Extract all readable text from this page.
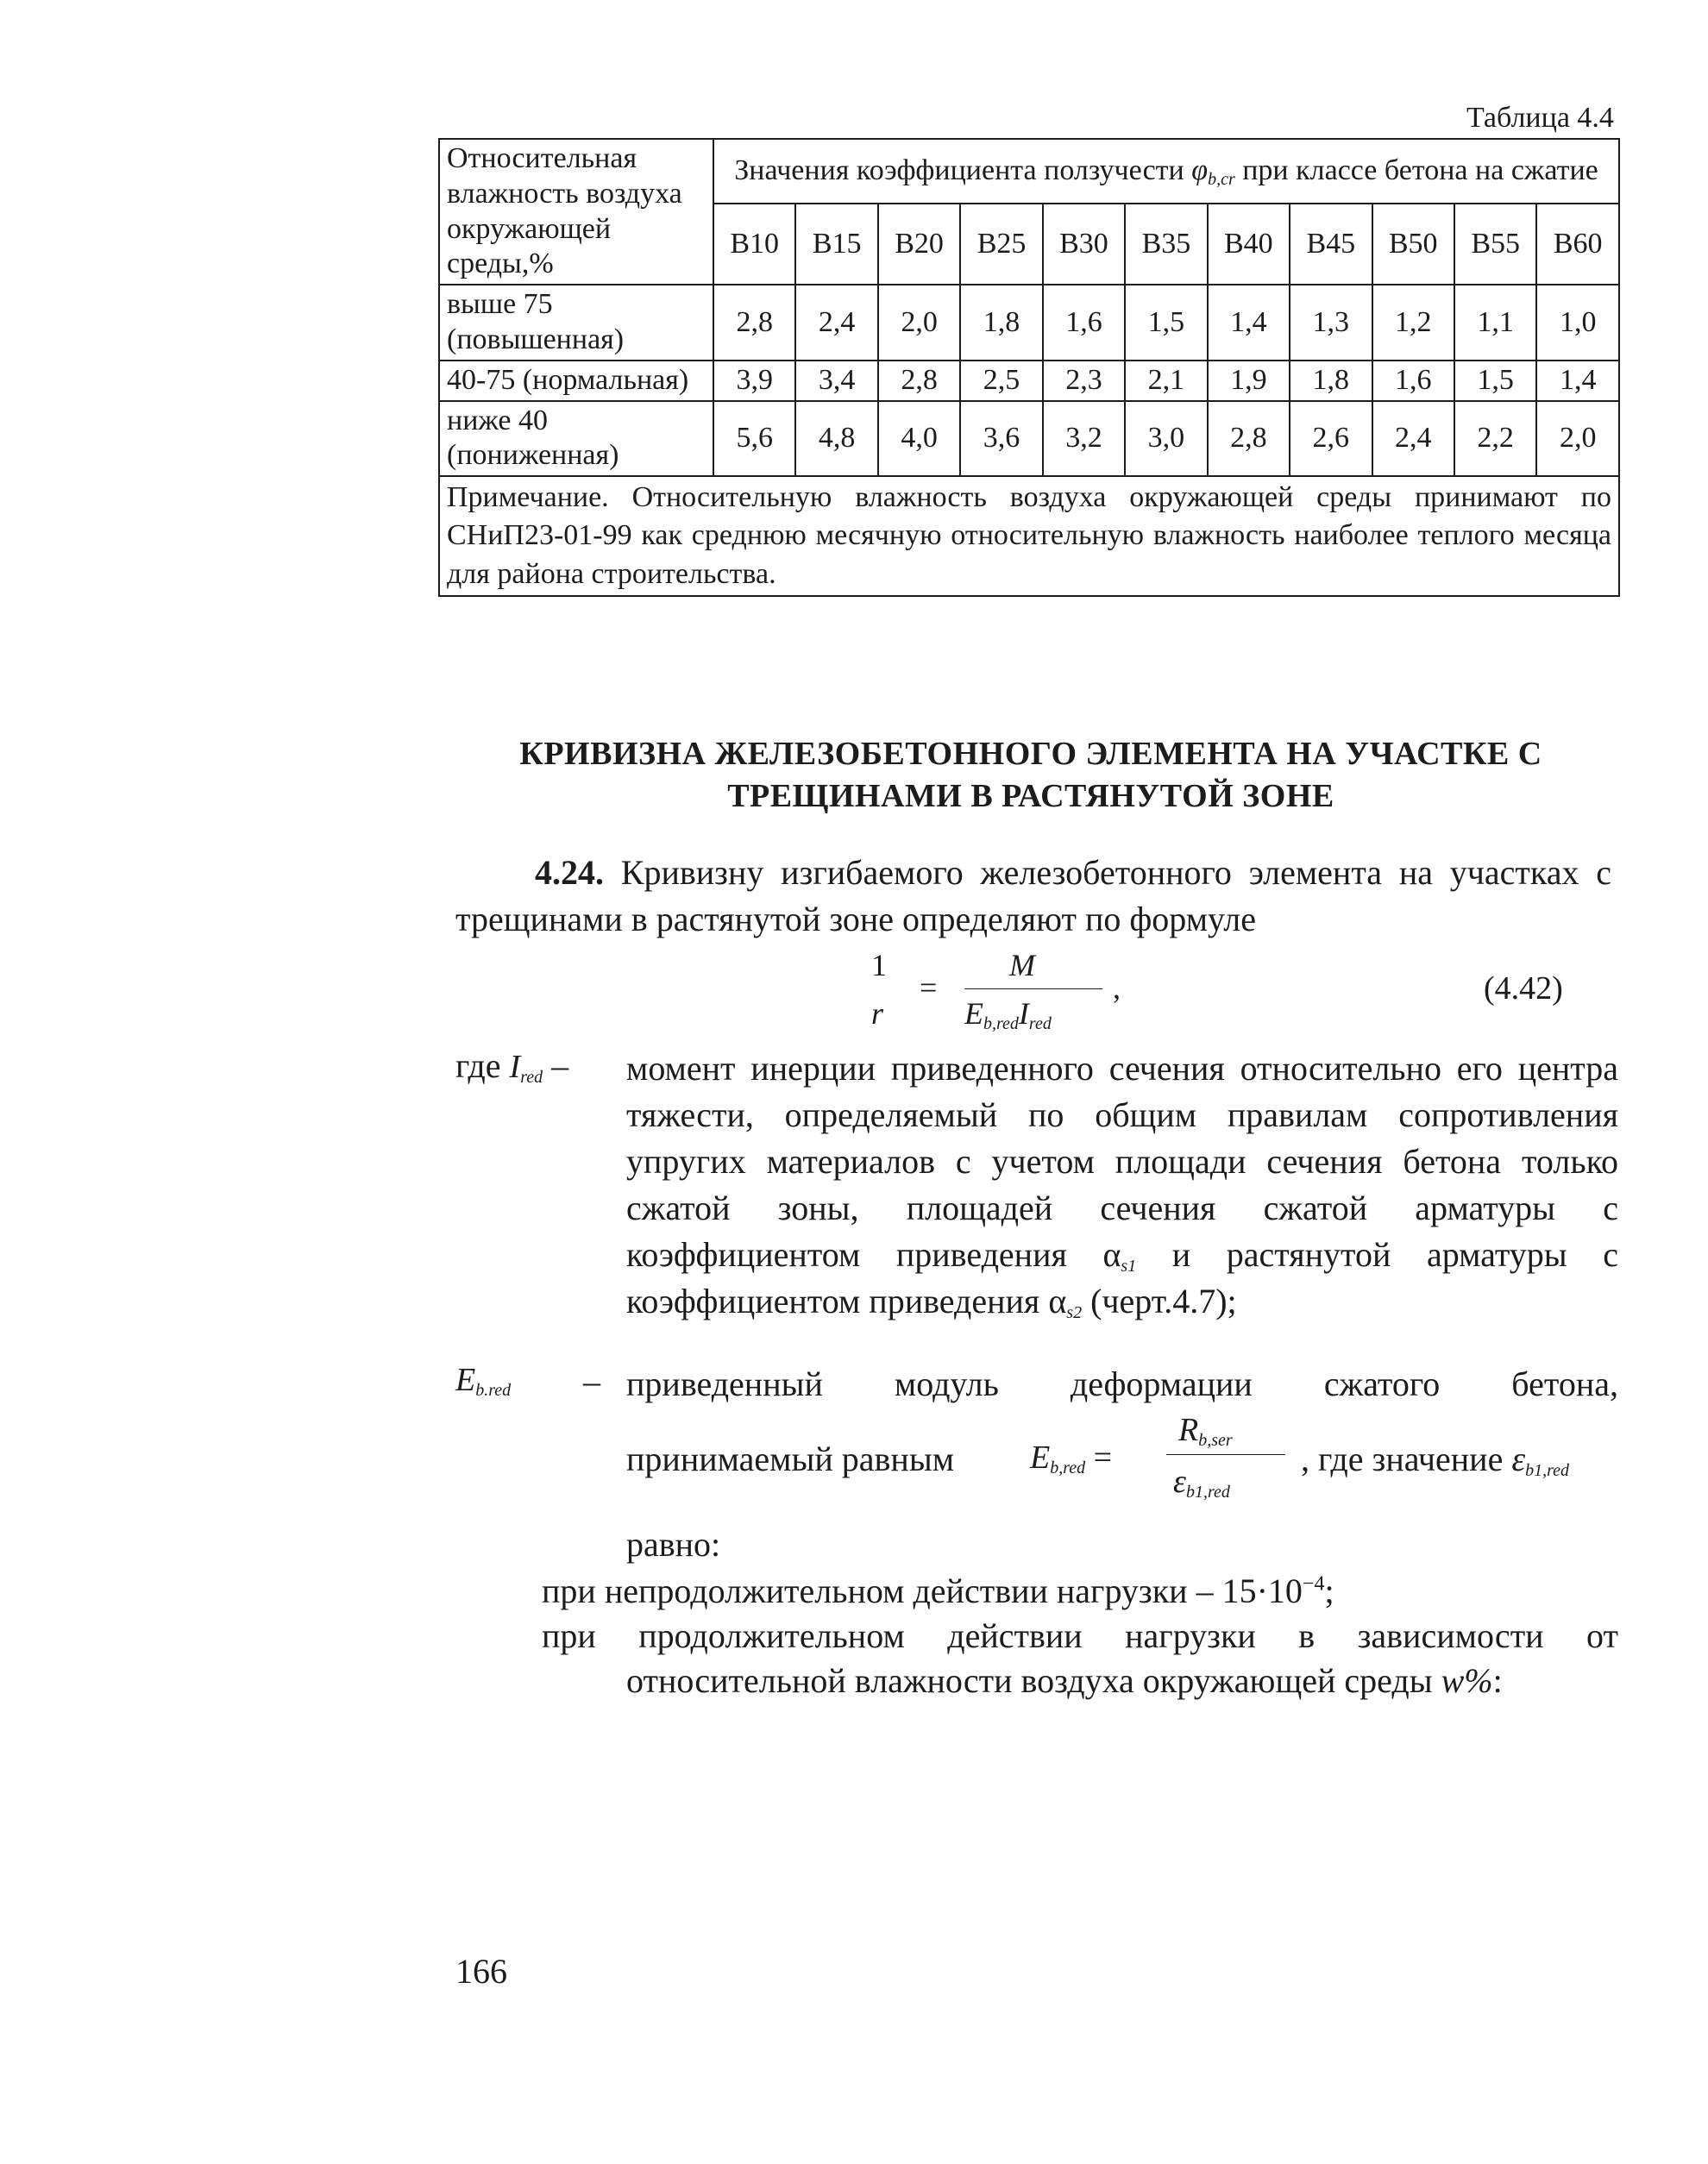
Таблица 4.4
Относительная влажность воздуха окружающей среды,%	Значения коэффициента ползучести $\varphi_{b,cr}$ при классе бетона на сжатие										
	В10	В15	В20	В25	В30	В35	В40	В45	В50	В55	В60
выше 75 (повышенная)	2,8	2,4	2,0	1,8	1,6	1,5	1,4	1,3	1,2	1,1	1,0
40-75 (нормальная)	3,9	3,4	2,8	2,5	2,3	2,1	1,9	1,8	1,6	1,5	1,4
ниже 40 (пониженная)	5,6	4,8	4,0	3,6	3,2	3,0	2,8	2,6	2,4	2,2	2,0
Примечание. Относительную влажность воздуха окружающей среды принимают по СНиП23-01-99 как среднюю месячную относительную влажность наиболее теплого месяца для района строительства.											
КРИВИЗНА ЖЕЛЕЗОБЕТОННОГО ЭЛЕМЕНТА НА УЧАСТКЕ С ТРЕЩИНАМИ В РАСТЯНУТОЙ ЗОНЕ
4.24. Кривизну изгибаемого железобетонного элемента на участках с трещинами в растянутой зоне определяют по формуле
1
r
=
M
$E_{b,red}I_{red}$
,	(4.42)
где $I_{red}$ – момент инерции приведенного сечения относительно его центра тяжести, определяемый по общим правилам сопротивления упругих материалов с учетом площади сечения бетона только сжатой зоны, площадей сечения сжатой арматуры с коэффициентом приведения $\alpha_{s1}$ и растянутой арматуры с коэффициентом приведения $\alpha_{s2}$ (черт.4.7);
$E_{b.red}$ – приведенный модуль деформации сжатого бетона,
принимаемый равным $E_{b,red}$ =
$R_{b,ser}$
$\varepsilon_{b1,red}$
, где значение $\varepsilon_{b1,red}$
равно:
при непродолжительном действии нагрузки – $15\cdot 10^{-4}$;
при продолжительном действии нагрузки в зависимости от
относительной влажности воздуха окружающей среды w%:
166
